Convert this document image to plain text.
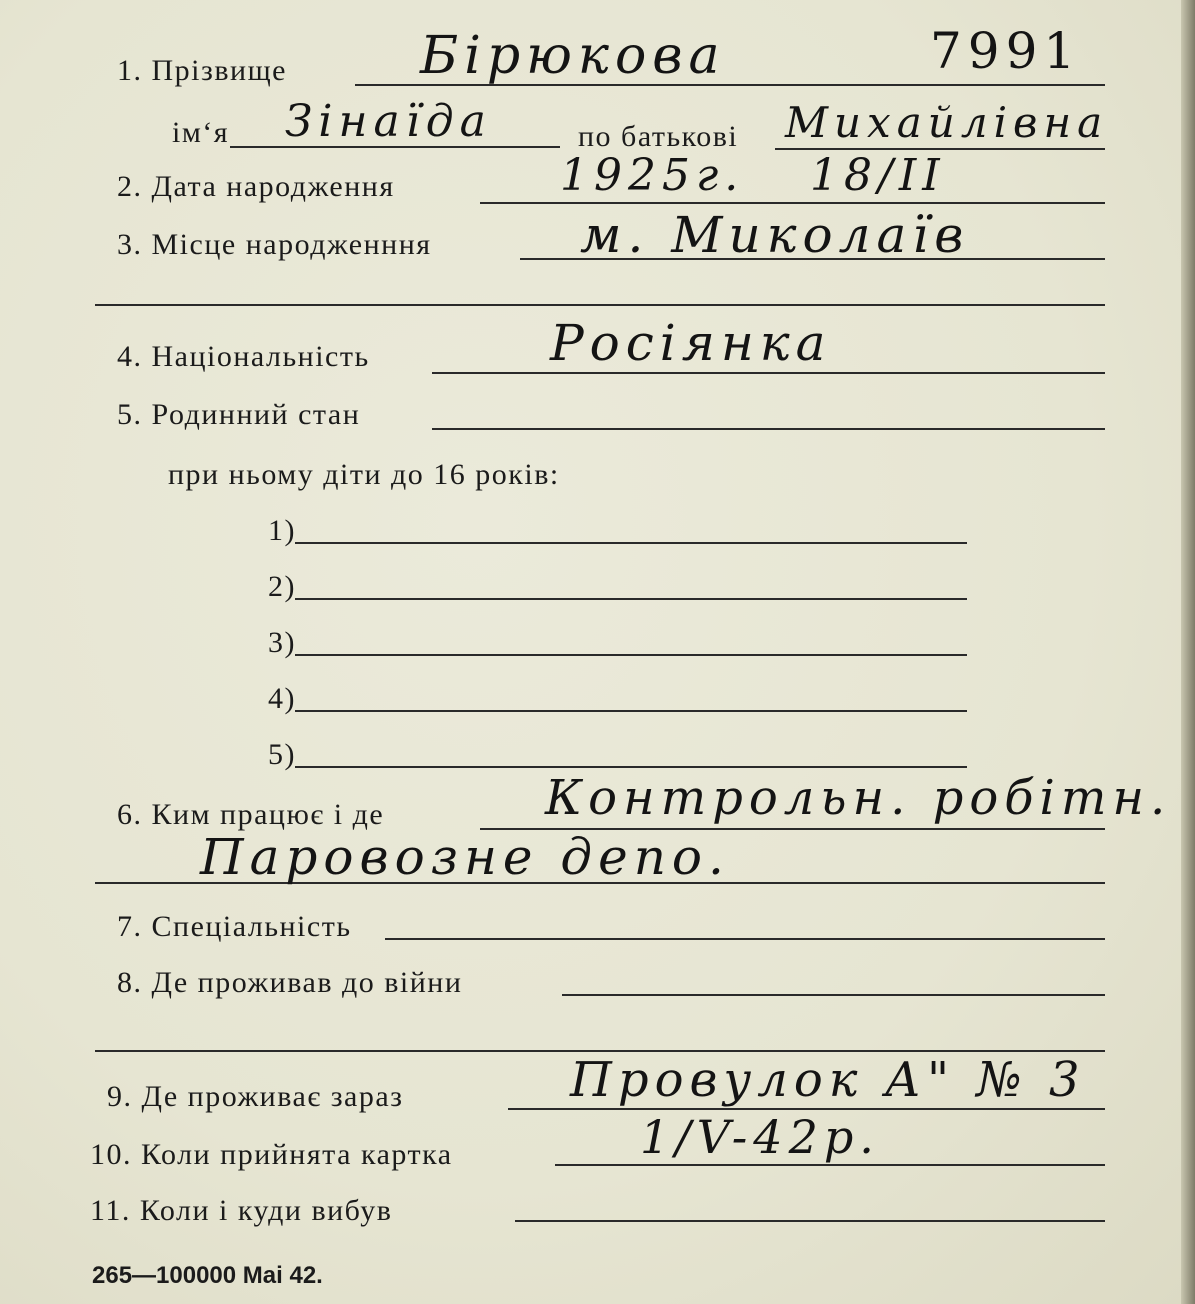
1. Прізвище	Бірюкова	7991
ім‘я Зінаїда	по батькові Михайлівна
2. Дата народження	1925г. 18/II
3. Місце народженння	м. Миколаїв
4. Національність	Росіянка
5. Родинний стан
при ньому діти до 16 років:
1)
2)
3)
4)
5)
6. Ким працює і де	Контрольн. робітн.
Паровозне депо.
7. Спеціальність
8. Де проживав до війни
9. Де проживає зараз	Провулок А" № 3
10. Коли прийнята картка	1/V-42р.
11. Коли і куди вибув
265—100000 Mai 42.
